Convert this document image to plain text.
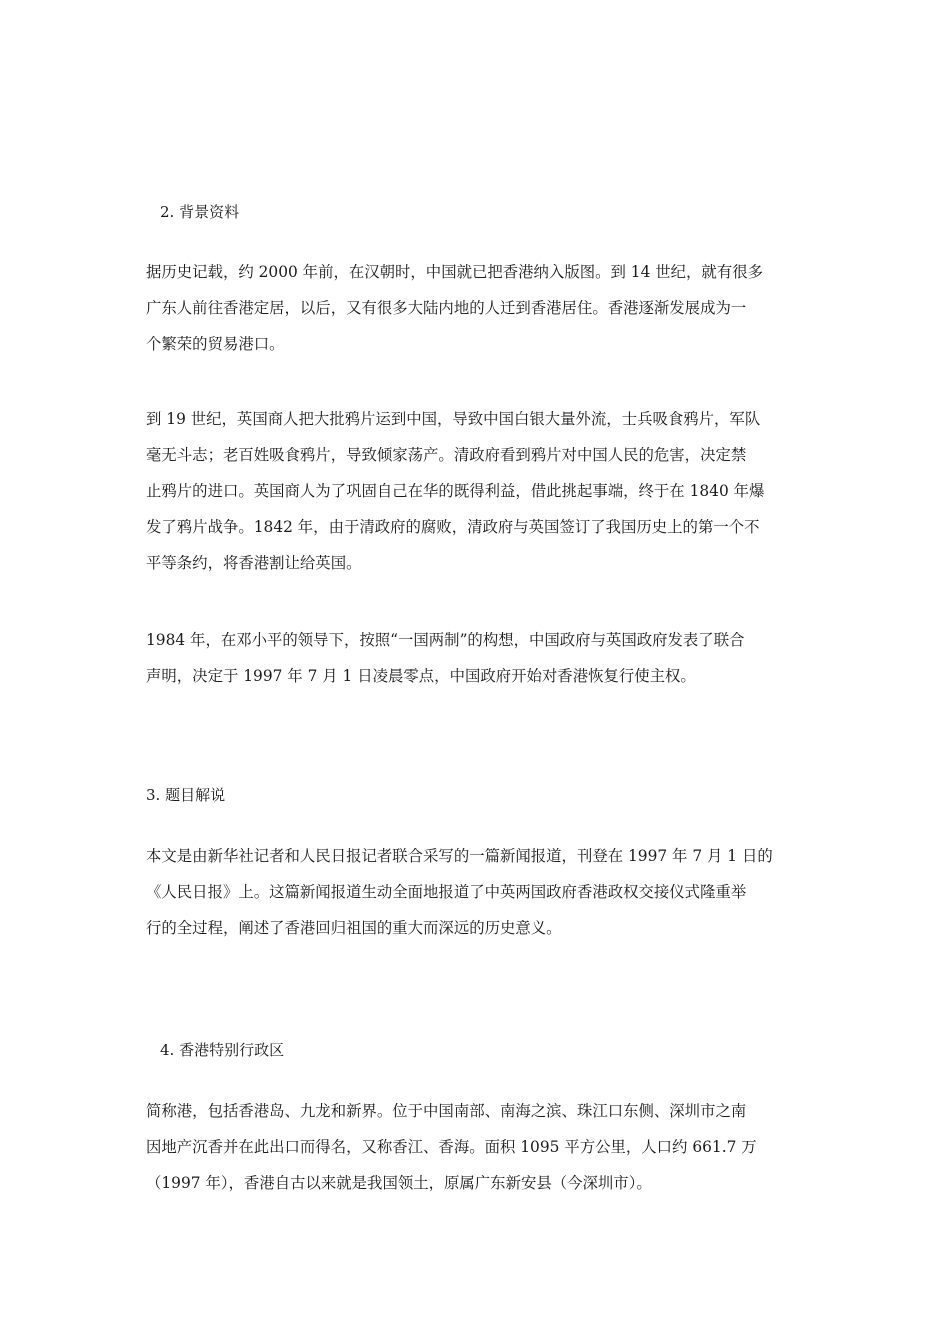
2. 背景资料
据历史记载，约 2000 年前，在汉朝时，中国就已把香港纳入版图。到 14 世纪，就有很多
广东人前往香港定居，以后，又有很多大陆内地的人迁到香港居住。香港逐渐发展成为一
个繁荣的贸易港口。
到 19 世纪，英国商人把大批鸦片运到中国，导致中国白银大量外流，士兵吸食鸦片，军队
毫无斗志；老百姓吸食鸦片，导致倾家荡产。清政府看到鸦片对中国人民的危害，决定禁
止鸦片的进口。英国商人为了巩固自己在华的既得利益，借此挑起事端，终于在 1840 年爆
发了鸦片战争。1842 年，由于清政府的腐败，清政府与英国签订了我国历史上的第一个不
平等条约，将香港割让给英国。
1984 年，在邓小平的领导下，按照“一国两制”的构想，中国政府与英国政府发表了联合
声明，决定于 1997 年 7 月 1 日凌晨零点，中国政府开始对香港恢复行使主权。
3. 题目解说
本文是由新华社记者和人民日报记者联合采写的一篇新闻报道，刊登在 1997 年 7 月 1 日的
《人民日报》上。这篇新闻报道生动全面地报道了中英两国政府香港政权交接仪式隆重举
行的全过程，阐述了香港回归祖国的重大而深远的历史意义。
4. 香港特别行政区
简称港，包括香港岛、九龙和新界。位于中国南部、南海之滨、珠江口东侧、深圳市之南
因地产沉香并在此出口而得名，又称香江、香海。面积 1095 平方公里，人口约 661.7 万
（1997 年），香港自古以来就是我国领土，原属广东新安县（今深圳市）。
